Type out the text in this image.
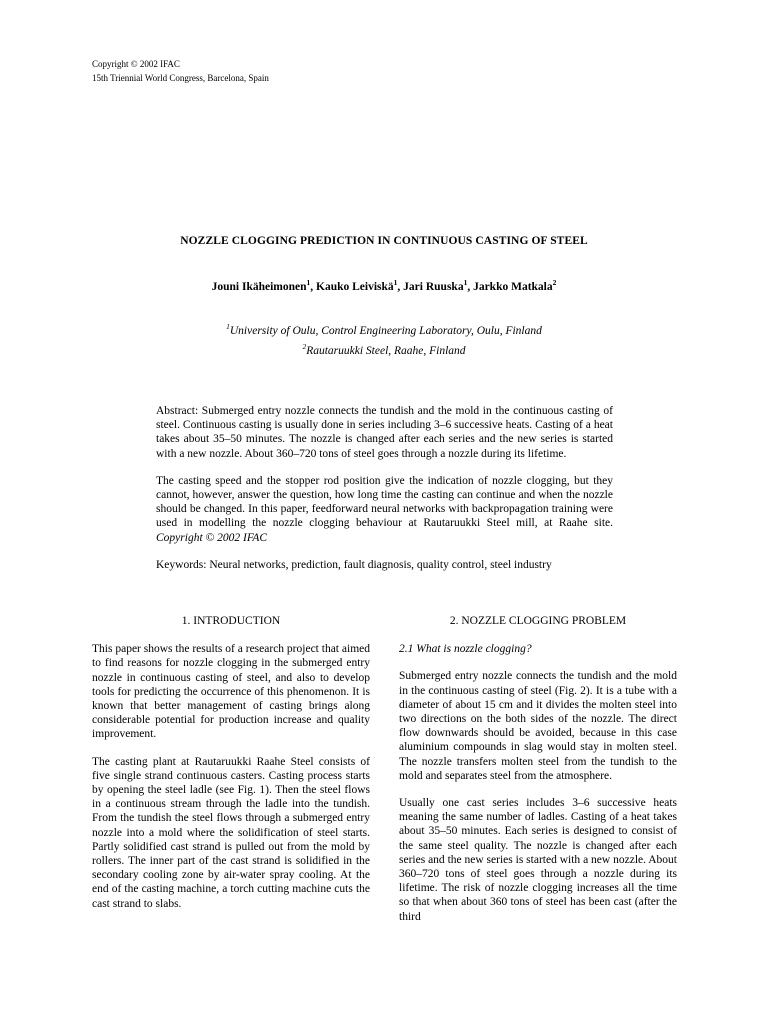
Copyright © 2002 IFAC
15th Triennial World Congress, Barcelona, Spain
NOZZLE CLOGGING PREDICTION IN CONTINUOUS CASTING OF STEEL
Jouni Ikäheimonen$^1$, Kauko Leiviskä$^1$, Jari Ruuska$^1$, Jarkko Matkala$^2$
$^1$University of Oulu, Control Engineering Laboratory, Oulu, Finland
$^2$Rautaruukki Steel, Raahe, Finland

Abstract: Submerged entry nozzle connects the tundish and the mold in the continuous casting of steel. Continuous casting is usually done in series including 3–6 successive heats. Casting of a heat takes about 35–50 minutes. The nozzle is changed after each series and the new series is started with a new nozzle. About 360–720 tons of steel goes through a nozzle during its lifetime.

The casting speed and the stopper rod position give the indication of nozzle clogging, but they cannot, however, answer the question, how long time the casting can continue and when the nozzle should be changed. In this paper, feedforward neural networks with backpropagation training were used in modelling the nozzle clogging behaviour at Rautaruukki Steel mill, at Raahe site. Copyright © 2002 IFAC

Keywords: Neural networks, prediction, fault diagnosis, quality control, steel industry

1. INTRODUCTION

This paper shows the results of a research project that aimed to find reasons for nozzle clogging in the submerged entry nozzle in continuous casting of steel, and also to develop tools for predicting the occurrence of this phenomenon. It is known that better management of casting brings along considerable potential for production increase and quality improvement.

The casting plant at Rautaruukki Raahe Steel consists of five single strand continuous casters. Casting process starts by opening the steel ladle (see Fig. 1). Then the steel flows in a continuous stream through the ladle into the tundish. From the tundish the steel flows through a submerged entry nozzle into a mold where the solidification of steel starts. Partly solidified cast strand is pulled out from the mold by rollers. The inner part of the cast strand is solidified in the secondary cooling zone by air-water spray cooling. At the end of the casting machine, a torch cutting machine cuts the cast strand to slabs.

2. NOZZLE CLOGGING PROBLEM
2.1 What is nozzle clogging?

Submerged entry nozzle connects the tundish and the mold in the continuous casting of steel (Fig. 2). It is a tube with a diameter of about 15 cm and it divides the molten steel into two directions on the both sides of the nozzle. The direct flow downwards should be avoided, because in this case aluminium compounds in slag would stay in molten steel. The nozzle transfers molten steel from the tundish to the mold and separates steel from the atmosphere.

Usually one cast series includes 3–6 successive heats meaning the same number of ladles. Casting of a heat takes about 35–50 minutes. Each series is designed to consist of the same steel quality. The nozzle is changed after each series and the new series is started with a new nozzle. About 360–720 tons of steel goes through a nozzle during its lifetime. The risk of nozzle clogging increases all the time so that when about 360 tons of steel has been cast (after the third
